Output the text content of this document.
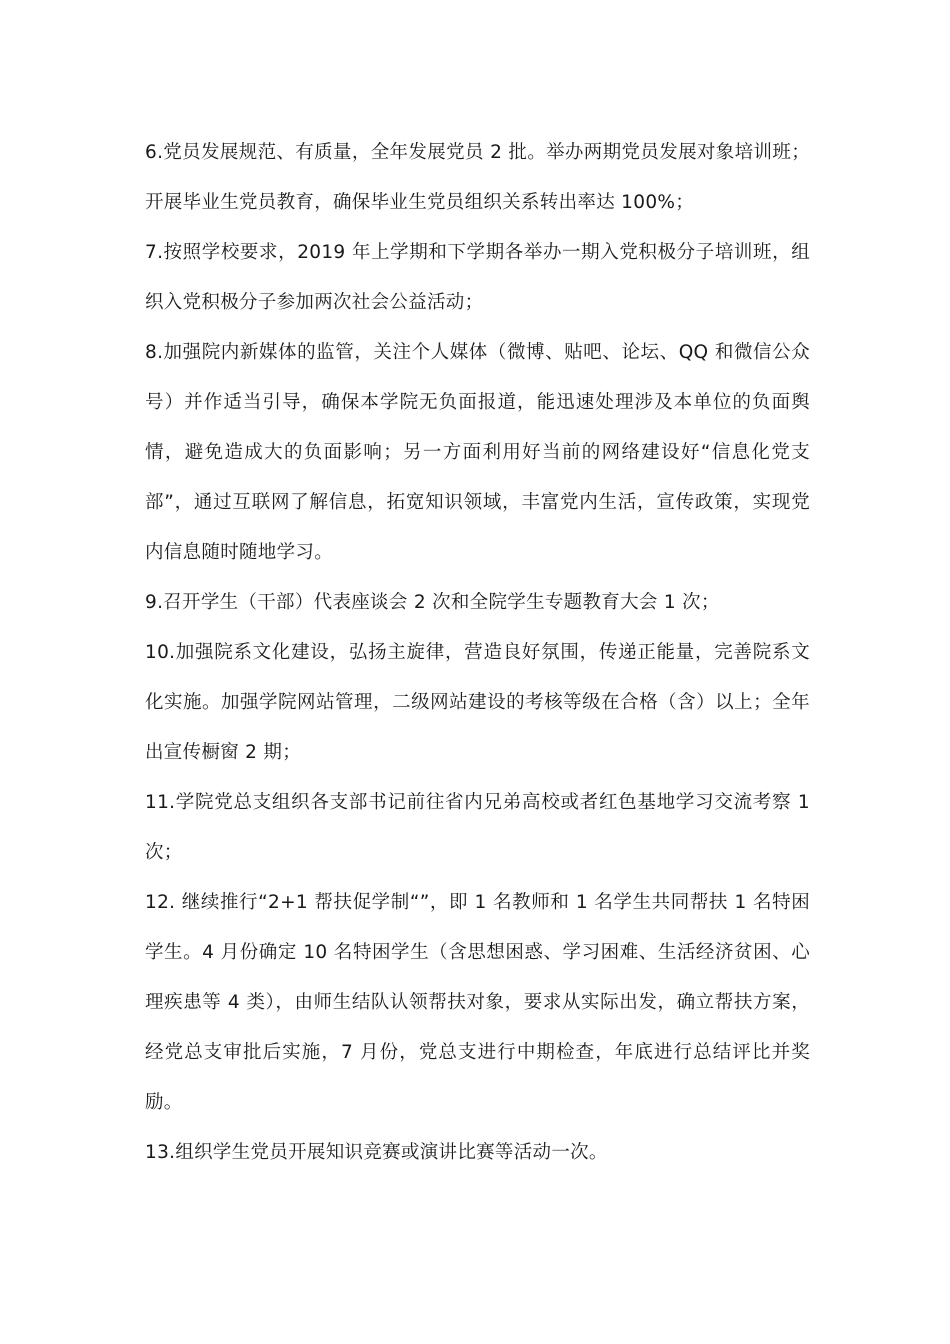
6.党员发展规范、有质量，全年发展党员 2 批。举办两期党员发展对象培训班；开展毕业生党员教育，确保毕业生党员组织关系转出率达 100%；

7.按照学校要求，2019 年上学期和下学期各举办一期入党积极分子培训班，组织入党积极分子参加两次社会公益活动；

8.加强院内新媒体的监管，关注个人媒体（微博、贴吧、论坛、QQ 和微信公众号）并作适当引导，确保本学院无负面报道，能迅速处理涉及本单位的负面舆情，避免造成大的负面影响；另一方面利用好当前的网络建设好“信息化党支部”，通过互联网了解信息，拓宽知识领域，丰富党内生活，宣传政策，实现党内信息随时随地学习。

9.召开学生（干部）代表座谈会 2 次和全院学生专题教育大会 1 次；

10.加强院系文化建设，弘扬主旋律，营造良好氛围，传递正能量，完善院系文化实施。加强学院网站管理，二级网站建设的考核等级在合格（含）以上；全年出宣传橱窗 2 期；

11.学院党总支组织各支部书记前往省内兄弟高校或者红色基地学习交流考察 1 次；

12. 继续推行“2+1 帮扶促学制“”，即 1 名教师和 1 名学生共同帮扶 1 名特困学生。4 月份确定 10 名特困学生（含思想困惑、学习困难、生活经济贫困、心理疾患等 4 类），由师生结队认领帮扶对象，要求从实际出发，确立帮扶方案，经党总支审批后实施，7 月份，党总支进行中期检查，年底进行总结评比并奖励。

13.组织学生党员开展知识竞赛或演讲比赛等活动一次。
